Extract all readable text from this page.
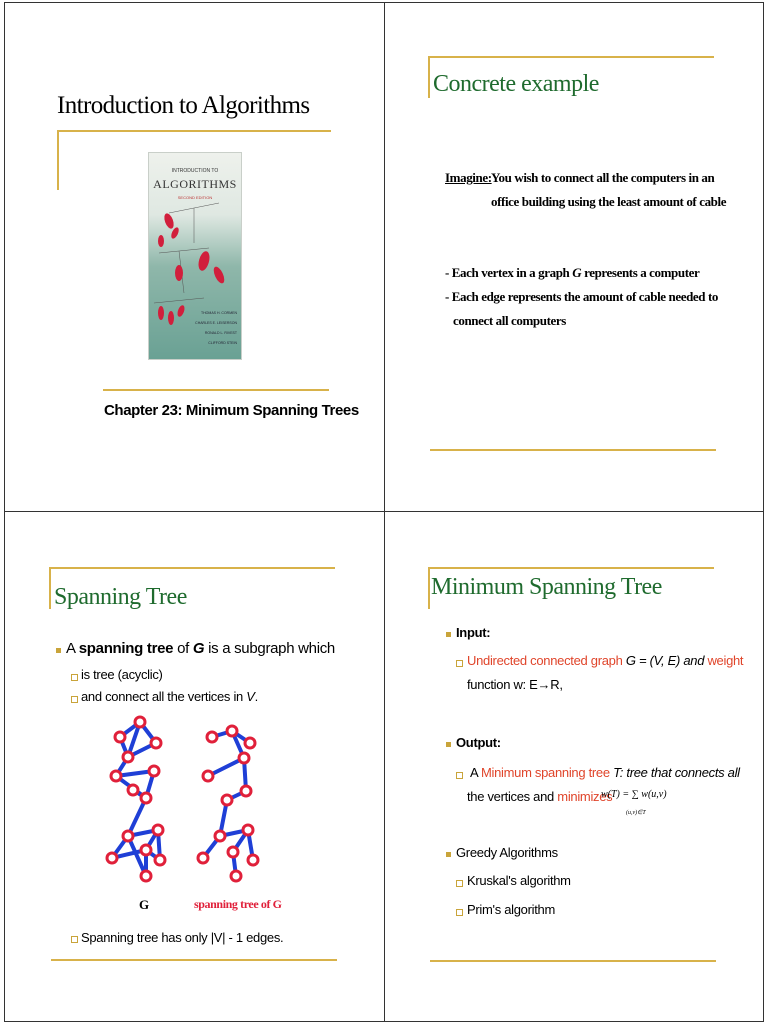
Introduction to Algorithms
INTRODUCTION TO
ALGORITHMS
SECOND EDITION
THOMAS H. CORMEN
CHARLES E. LEISERSON
RONALD L. RIVEST
CLIFFORD STEIN
Chapter 23: Minimum Spanning Trees
Concrete example
Imagine: You wish to connect all the computers in an
office building using the least amount of cable
- Each vertex in a graph G represents a computer
- Each edge represents the amount of cable needed to
connect all computers
Spanning Tree
A spanning tree of G is a subgraph which
is tree (acyclic)
and connect all the vertices in V.
G	spanning tree of G
Spanning tree has only |V| - 1 edges.
Minimum Spanning Tree
Input:
Undirected connected graph G = (V, E) and weight
function w: E→R,
Output:
A Minimum spanning tree T: tree that connects all
the vertices and minimizes
w(T) = ∑ w(u,v)
(u,v)∈T
Greedy Algorithms
Kruskal's algorithm
Prim's algorithm
